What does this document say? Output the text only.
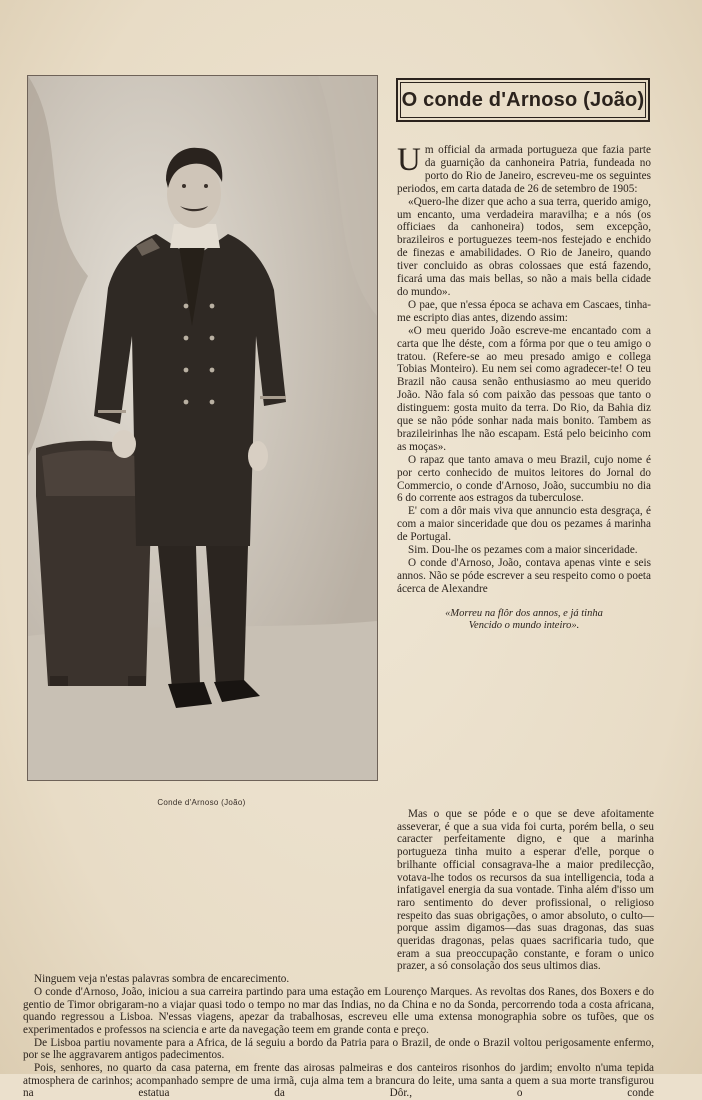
Conde d'Arnoso (João)
O conde d'Arnoso (João)

Um official da armada portugueza que fazia parte da guarnição da canhoneira Patria, fundeada no porto do Rio de Janeiro, escreveu-me os seguintes periodos, em carta datada de 26 de setembro de 1905:

«Quero-lhe dizer que acho a sua terra, querido amigo, um encanto, uma verdadeira maravilha; e a nós (os officiaes da canhoneira) todos, sem excepção, brazileiros e portuguezes teem-nos festejado e enchido de finezas e amabilidades. O Rio de Janeiro, quando tiver concluido as obras colossaes que está fazendo, ficará uma das mais bellas, so não a mais bella cidade do mundo».

O pae, que n'essa época se achava em Cascaes, tinha-me escripto dias antes, dizendo assim:

«O meu querido João escreve-me encantado com a carta que lhe déste, com a fórma por que o teu amigo o tratou. (Refere-se ao meu presado amigo e collega Tobias Monteiro). Eu nem sei como agradecer-te! O teu Brazil não causa senão enthusiasmo ao meu querido João. Não fala só com paixão das pessoas que tanto o distinguem: gosta muito da terra. Do Rio, da Bahia diz que se não póde sonhar nada mais bonito. Tambem as brazileirinhas lhe não escapam. Está pelo beicinho com as moças».

O rapaz que tanto amava o meu Brazil, cujo nome é por certo conhecido de muitos leitores do Jornal do Commercio, o conde d'Arnoso, João, succumbiu no dia 6 do corrente aos estragos da tuberculose.

E' com a dôr mais viva que annuncio esta desgraça, é com a maior sinceridade que dou os pezames á marinha de Portugal.

Sim. Dou-lhe os pezames com a maior sinceridade.

O conde d'Arnoso, João, contava apenas vinte e seis annos. Não se póde escrever a seu respeito como o poeta ácerca de Alexandre

«Morreu na flôr dos annos, e já tinha
Vencido o mundo inteiro».

Mas o que se póde e o que se deve afoitamente asseverar, é que a sua vida foi curta, porém bella, o seu caracter perfeitamente digno, e que a marinha portugueza tinha muito a esperar d'elle, porque o brilhante official consagrava-lhe a maior predilecção, votava-lhe todos os recursos da sua intelligencia, toda a infatigavel energia da sua vontade. Tinha além d'isso um raro sentimento do dever profissional, o religioso respeito das suas obrigações, o amor absoluto, o culto—porque assim digamos—das suas dragonas, das suas queridas dragonas, pelas quaes sacrificaria tudo, que eram a sua preoccupação constante, e foram o unico prazer, a só consolação dos seus ultimos dias.

Ninguem veja n'estas palavras sombra de encarecimento.

O conde d'Arnoso, João, iniciou a sua carreira partindo para uma estação em Lourenço Marques. As revoltas dos Ranes, dos Boxers e do gentio de Timor obrigaram-no a viajar quasi todo o tempo no mar das Indias, no da China e no da Sonda, percorrendo toda a costa africana, quando regressou a Lisboa. N'essas viagens, apezar da trabalhosas, escreveu elle uma extensa monographia sobre os tufões, que os experimentados e professos na sciencia e arte da navegação teem em grande conta e preço.

De Lisboa partiu novamente para a Africa, de lá seguiu a bordo da Patria para o Brazil, de onde o Brazil voltou perigosamente enfermo, por se lhe aggravarem antigos padecimentos.

Pois, senhores, no quarto da casa paterna, em frente das airosas palmeiras e dos canteiros risonhos do jardim; envolto n'uma tepida atmosphera de carinhos; acompanhado sempre de uma irmã, cuja alma tem a brancura do leite, uma santa a quem a sua morte transfigurou na estatua da Dôr., o conde
